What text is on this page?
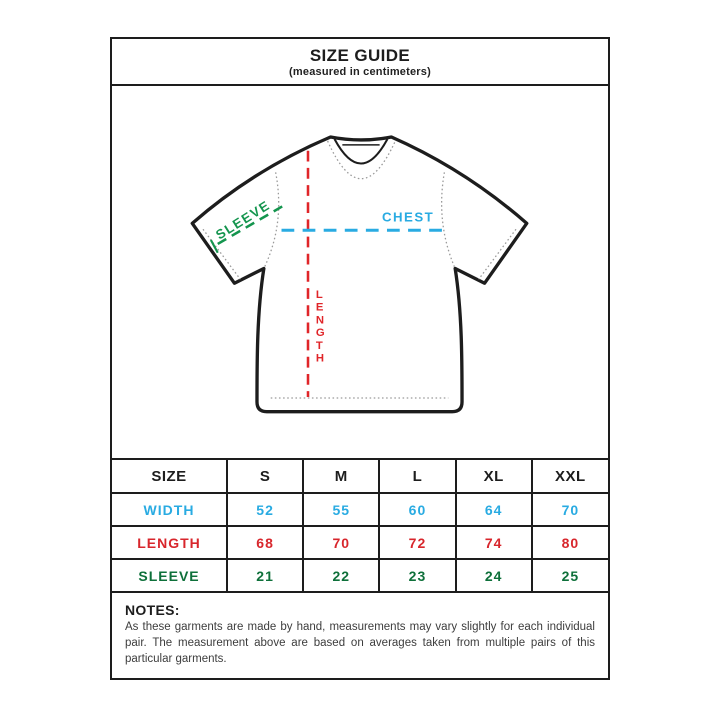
SIZE GUIDE
(measured in centimeters)
L
E
N
G
T
H
CHEST
SLEEVE
SIZE	S	M	L	XL	XXL
WIDTH	52	55	60	64	70
LENGTH	68	70	72	74	80
SLEEVE	21	22	23	24	25

NOTES:

As these garments are made by hand, measurements may vary slightly for each individual pair. The measurement above are based on averages taken from multiple pairs of this particular garments.
